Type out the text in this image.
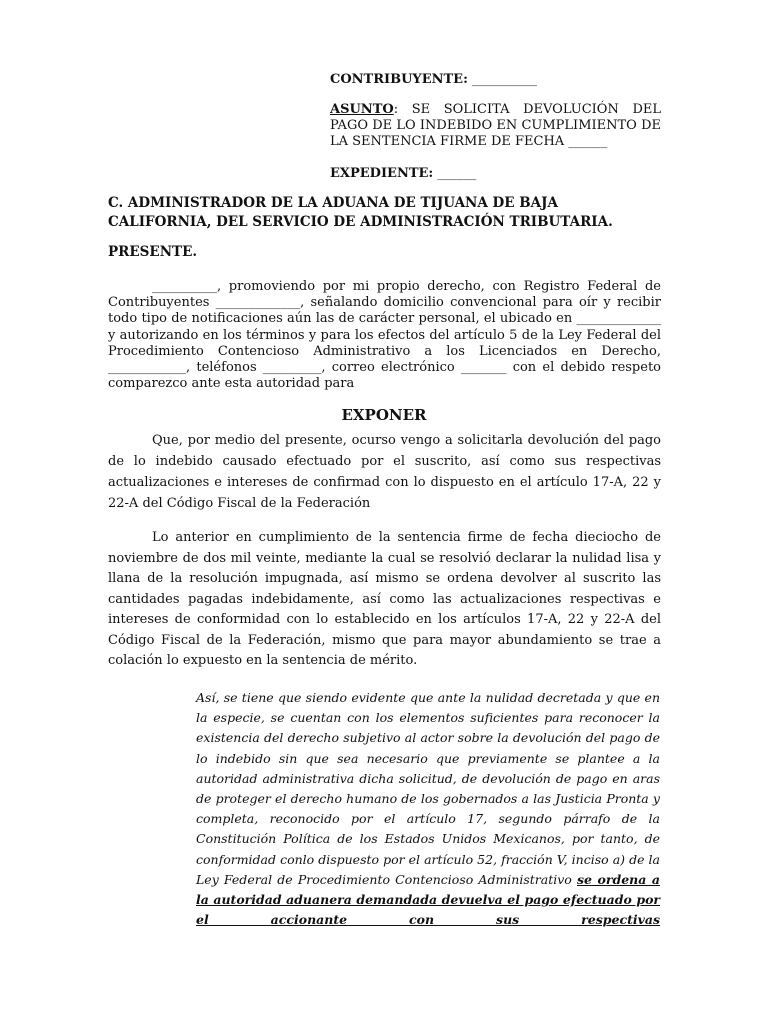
CONTRIBUYENTE: __________
ASUNTO: SE SOLICITA DEVOLUCIÓN DEL PAGO DE LO INDEBIDO EN CUMPLIMIENTO DE LA SENTENCIA FIRME DE FECHA ______
EXPEDIENTE: ______
C. ADMINISTRADOR DE LA ADUANA DE TIJUANA DE BAJA CALIFORNIA, DEL SERVICIO DE ADMINISTRACIÓN TRIBUTARIA.
PRESENTE.
__________, promoviendo por mi propio derecho, con Registro Federal de Contribuyentes _____________, señalando domicilio convencional para oír y recibir todo tipo de notificaciones aún las de carácter personal, el ubicado en _____________ y autorizando en los términos y para los efectos del artículo 5 de la Ley Federal del Procedimiento Contencioso Administrativo a los Licenciados en Derecho, ____________, teléfonos _________, correo electrónico _______ con el debido respeto comparezco ante esta autoridad para
EXPONER
Que, por medio del presente, ocurso vengo a solicitarla devolución del pago de lo indebido causado efectuado por el suscrito, así como sus respectivas actualizaciones e intereses de confirmad con lo dispuesto en el artículo 17-A, 22 y 22-A del Código Fiscal de la Federación
Lo anterior en cumplimiento de la sentencia firme de fecha dieciocho de noviembre de dos mil veinte, mediante la cual se resolvió declarar la nulidad lisa y llana de la resolución impugnada, así mismo se ordena devolver al suscrito las cantidades pagadas indebidamente, así como las actualizaciones respectivas e intereses de conformidad con lo establecido en los artículos 17-A, 22 y 22-A del Código Fiscal de la Federación, mismo que para mayor abundamiento se trae a colación lo expuesto en la sentencia de mérito.
Así, se tiene que siendo evidente que ante la nulidad decretada y que en la especie, se cuentan con los elementos suficientes para reconocer la existencia del derecho subjetivo al actor sobre la devolución del pago de lo indebido sin que sea necesario que previamente se plantee a la autoridad administrativa dicha solicitud, de devolución de pago en aras de proteger el derecho humano de los gobernados a las Justicia Pronta y completa, reconocido por el artículo 17, segundo párrafo de la Constitución Política de los Estados Unidos Mexicanos, por tanto, de conformidad conlo dispuesto por el artículo 52, fracción V, inciso a) de la Ley Federal de Procedimiento Contencioso Administrativo se ordena a la autoridad aduanera demandada devuelva el pago efectuado por el accionante con sus respectivas
